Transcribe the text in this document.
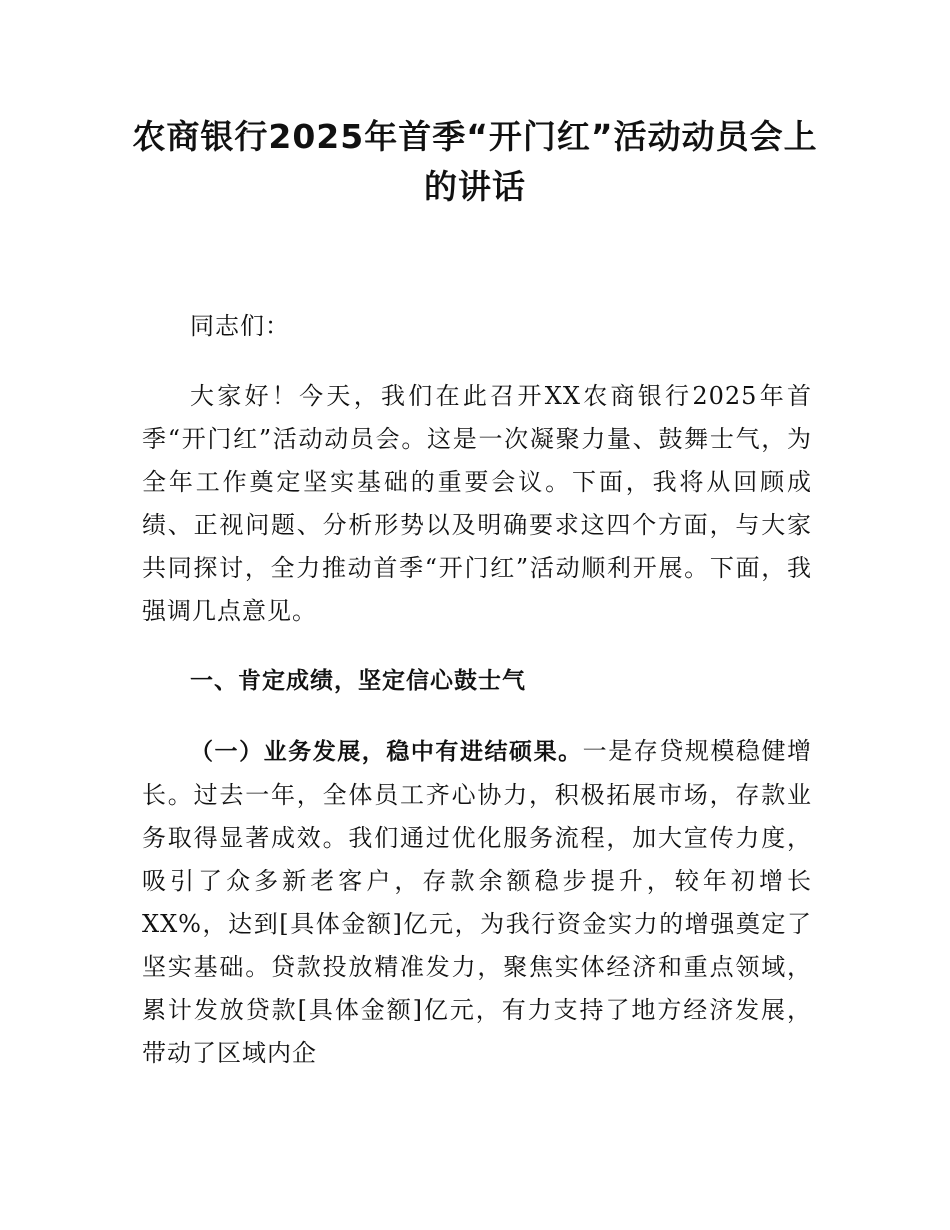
农商银行2025年首季“开门红”活动动员会上的讲话

同志们：

大家好！今天，我们在此召开XX农商银行2025年首季“开门红”活动动员会。这是一次凝聚力量、鼓舞士气，为全年工作奠定坚实基础的重要会议。下面，我将从回顾成绩、正视问题、分析形势以及明确要求这四个方面，与大家共同探讨，全力推动首季“开门红”活动顺利开展。下面，我强调几点意见。

一、肯定成绩，坚定信心鼓士气

（一）业务发展，稳中有进结硕果。一是存贷规模稳健增长。过去一年，全体员工齐心协力，积极拓展市场，存款业务取得显著成效。我们通过优化服务流程，加大宣传力度，吸引了众多新老客户，存款余额稳步提升，较年初增长XX%，达到[具体金额]亿元，为我行资金实力的增强奠定了坚实基础。贷款投放精准发力，聚焦实体经济和重点领域，累计发放贷款[具体金额]亿元，有力支持了地方经济发展，带动了区域内企
